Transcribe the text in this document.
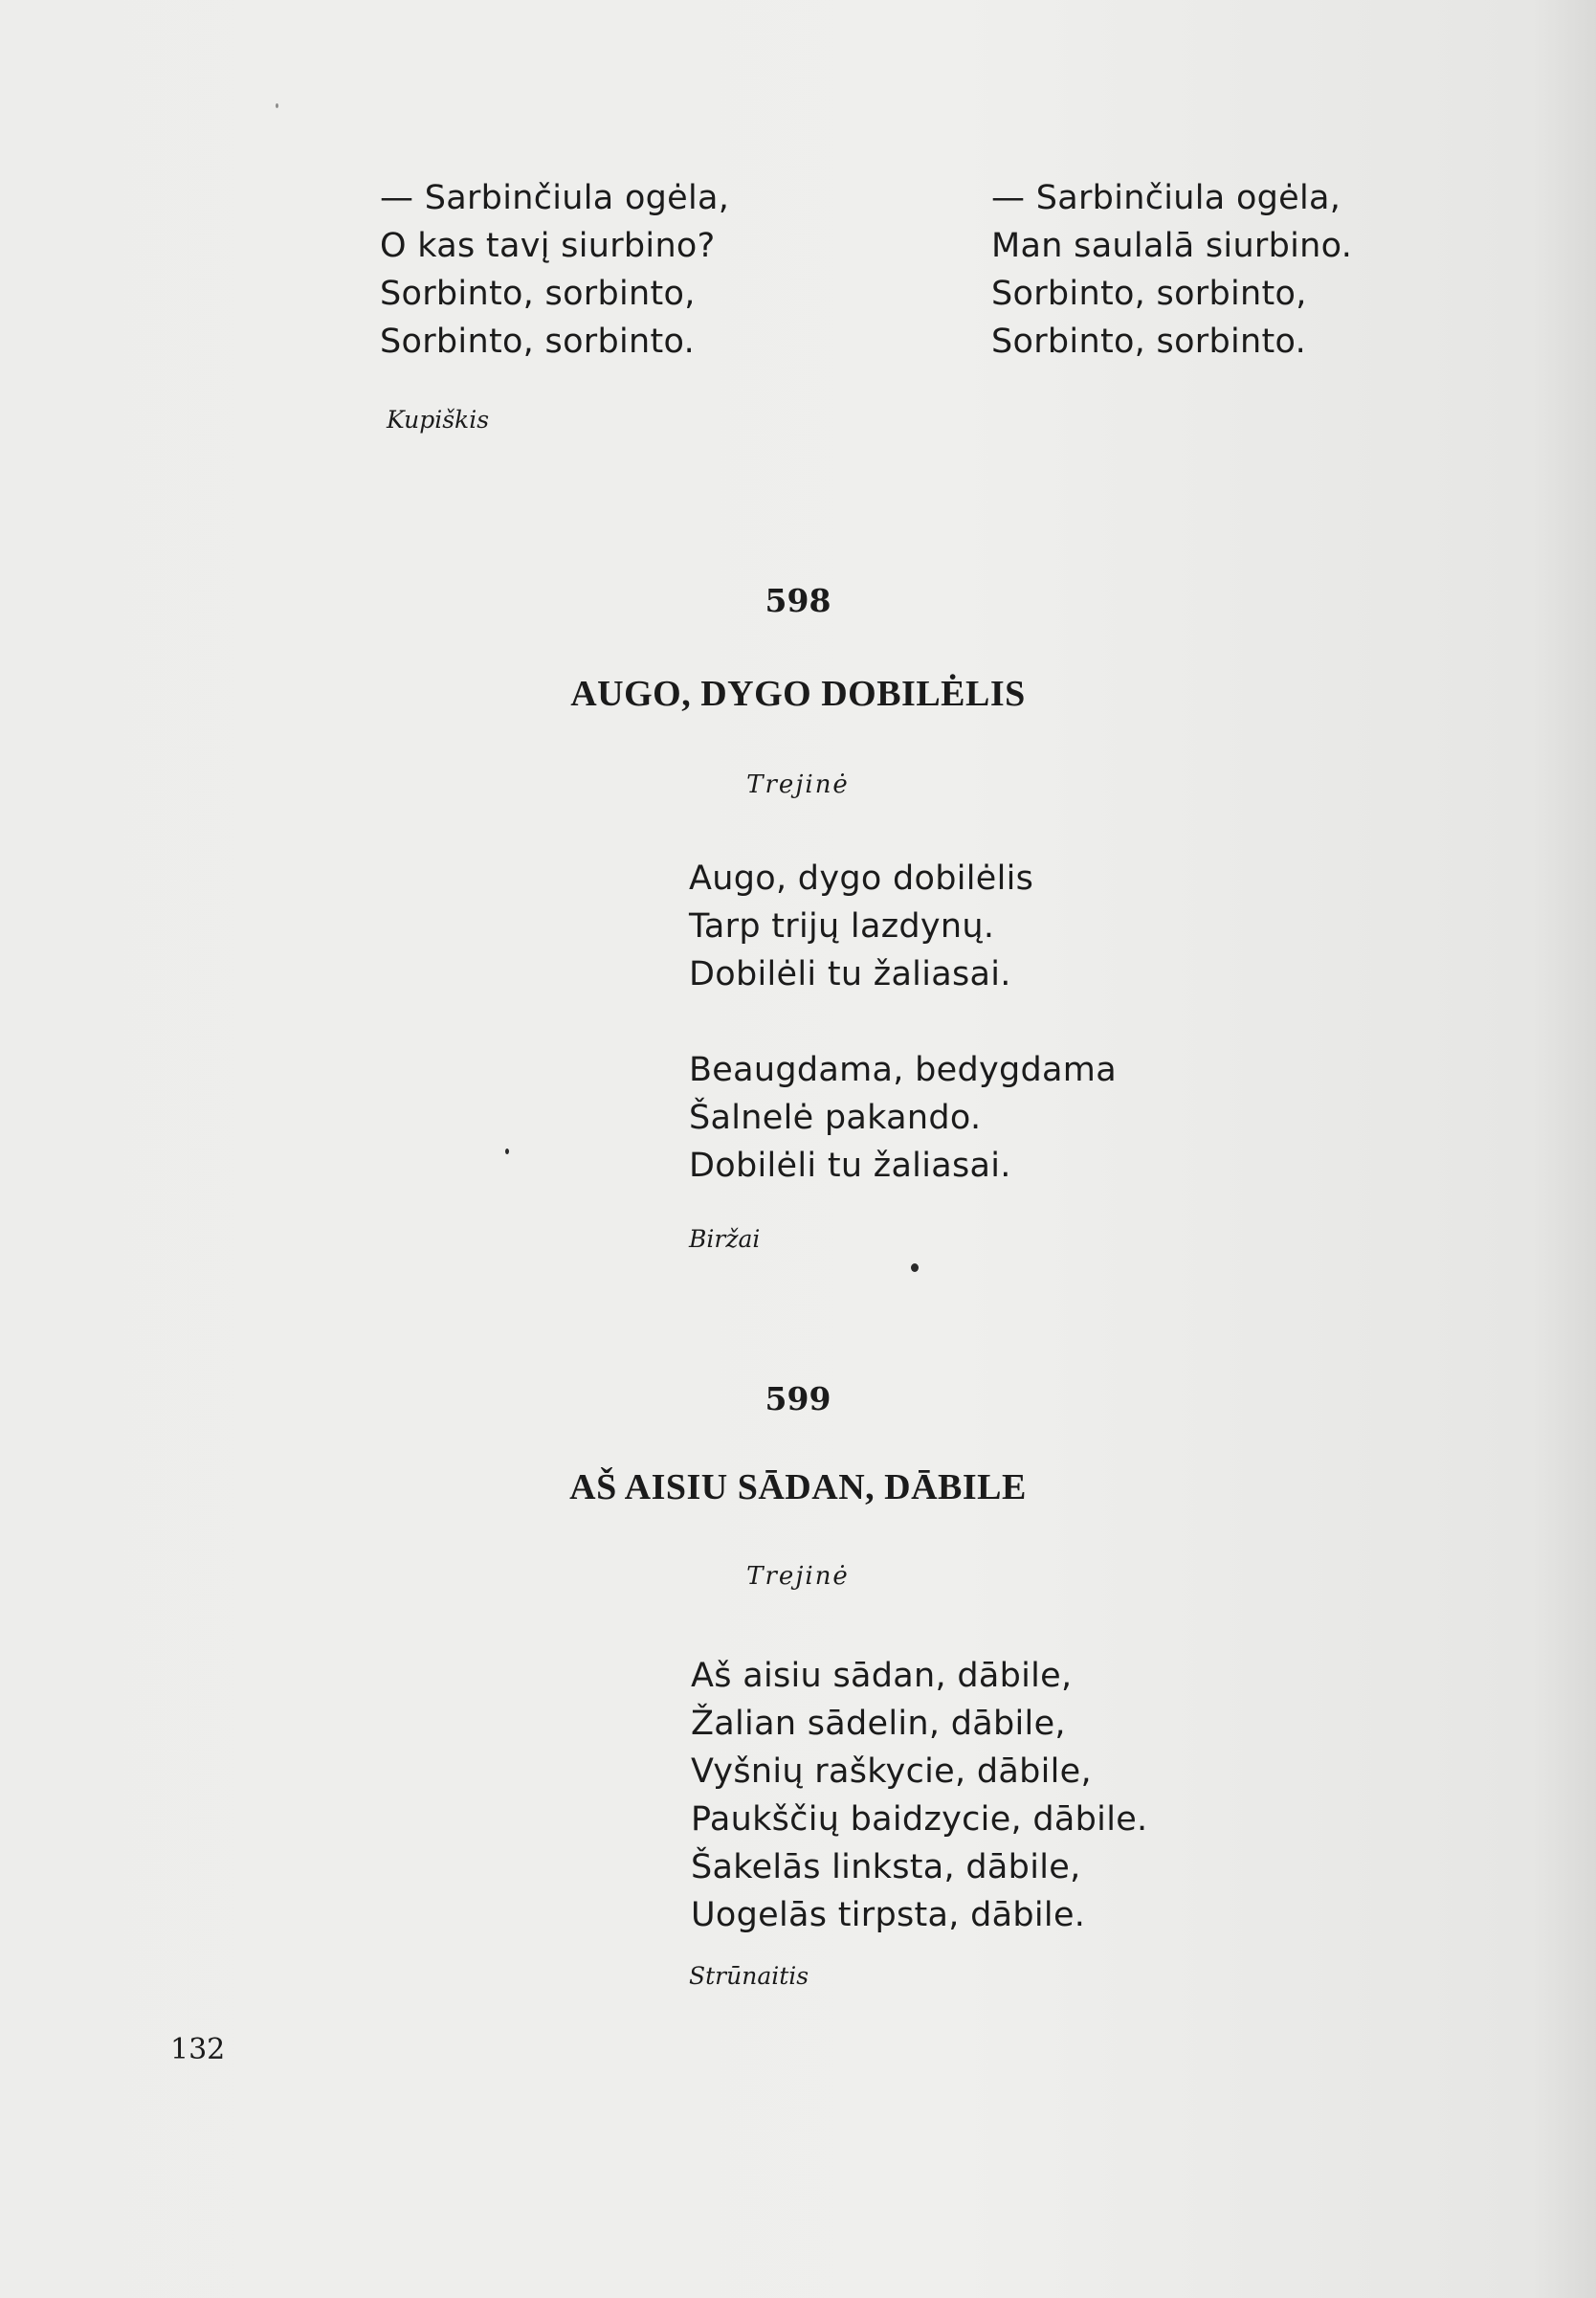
— Sarbinčiula ogėla,
O kas tavį siurbino?
Sorbinto, sorbinto,
Sorbinto, sorbinto.
— Sarbinčiula ogėla,
Man saulalā siurbino.
Sorbinto, sorbinto,
Sorbinto, sorbinto.
Kupiškis
598
AUGO, DYGO DOBILĖLIS
Trejinė
Augo, dygo dobilėlis
Tarp trijų lazdynų.
Dobilėli tu žaliasai.
Beaugdama, bedygdama
Šalnelė pakando.
Dobilėli tu žaliasai.
Biržai
599
AŠ AISIU SĀDAN, DĀBILE
Trejinė
Aš aisiu sādan, dābile,
Žalian sādelin, dābile,
Vyšnių raškycie, dābile,
Paukščių baidzycie, dābile.
Šakelās linksta, dābile,
Uogelās tirpsta, dābile.
Strūnaitis
132
